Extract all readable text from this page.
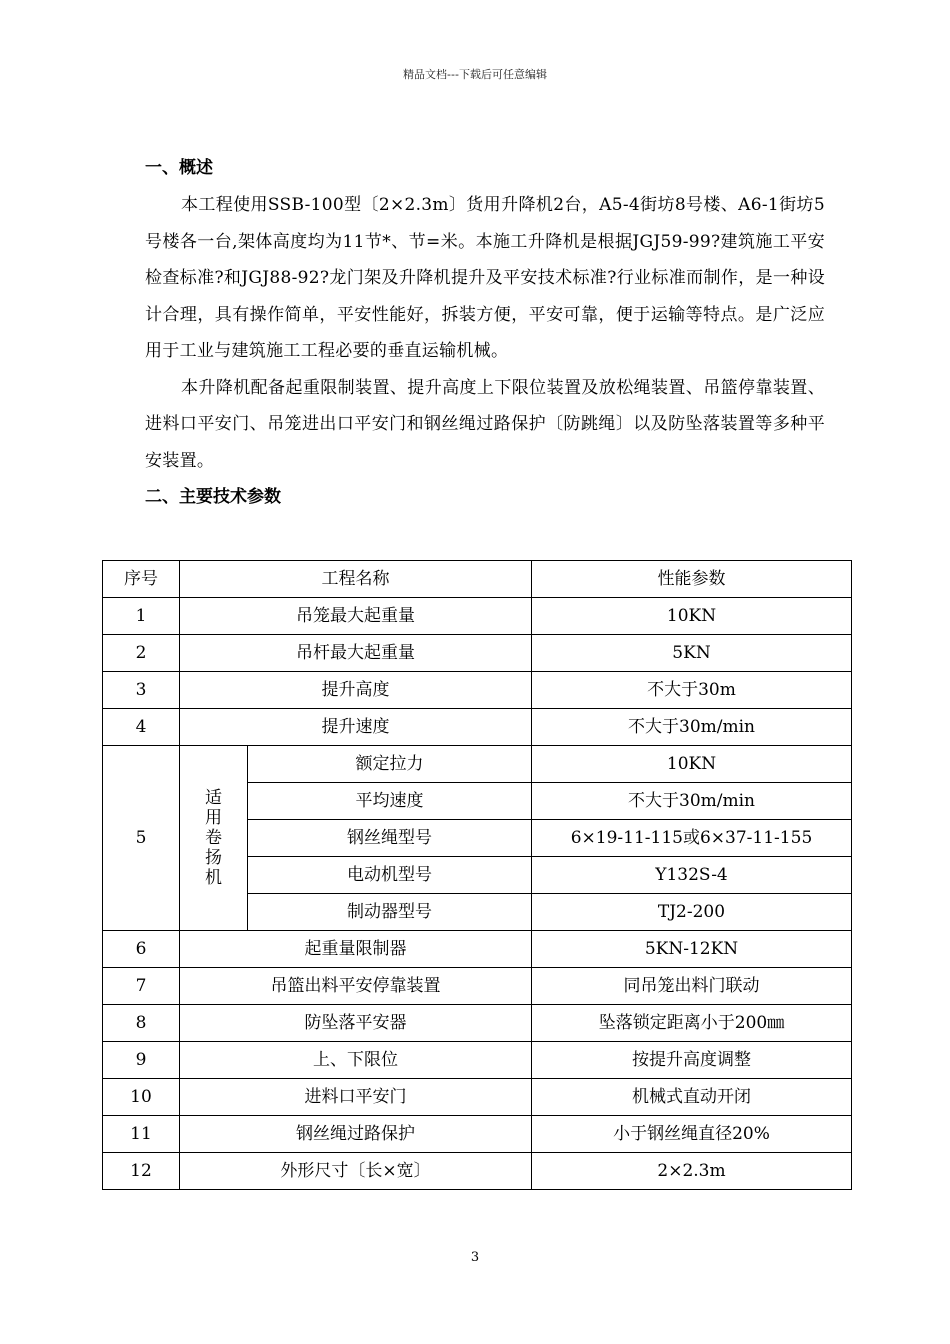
精品文档---下载后可任意编辑
一、概述

本工程使用SSB-100型〔2×2.3m〕货用升降机2台，A5-4街坊8号楼、A6-1街坊5号楼各一台,架体高度均为11节*、节=米。本施工升降机是根据JGJ59-99?建筑施工平安检查标准?和JGJ88-92?龙门架及升降机提升及平安技术标准?行业标准而制作，是一种设计合理，具有操作简单，平安性能好，拆装方便，平安可靠，便于运输等特点。是广泛应用于工业与建筑施工工程必要的垂直运输机械。

本升降机配备起重限制装置、提升高度上下限位装置及放松绳装置、吊篮停靠装置、进料口平安门、吊笼进出口平安门和钢丝绳过路保护〔防跳绳〕以及防坠落装置等多种平安装置。

二、主要技术参数
序号	工程名称		性能参数
1	吊笼最大起重量		10KN
2	吊杆最大起重量		5KN
3	提升高度		不大于30m
4	提升速度		不大于30m/min
5	适
用
卷
扬
机	额定拉力	10KN
		平均速度	不大于30m/min
		钢丝绳型号	6×19-11-115或6×37-11-155
		电动机型号	Y132S-4
		制动器型号	TJ2-200
6	起重量限制器		5KN-12KN
7	吊篮出料平安停靠装置		同吊笼出料门联动
8	防坠落平安器		坠落锁定距离小于200㎜
9	上、下限位		按提升高度调整
10	进料口平安门		机械式直动开闭
11	钢丝绳过路保护		小于钢丝绳直径20%
12	外形尺寸〔长×宽〕		2×2.3m
3
